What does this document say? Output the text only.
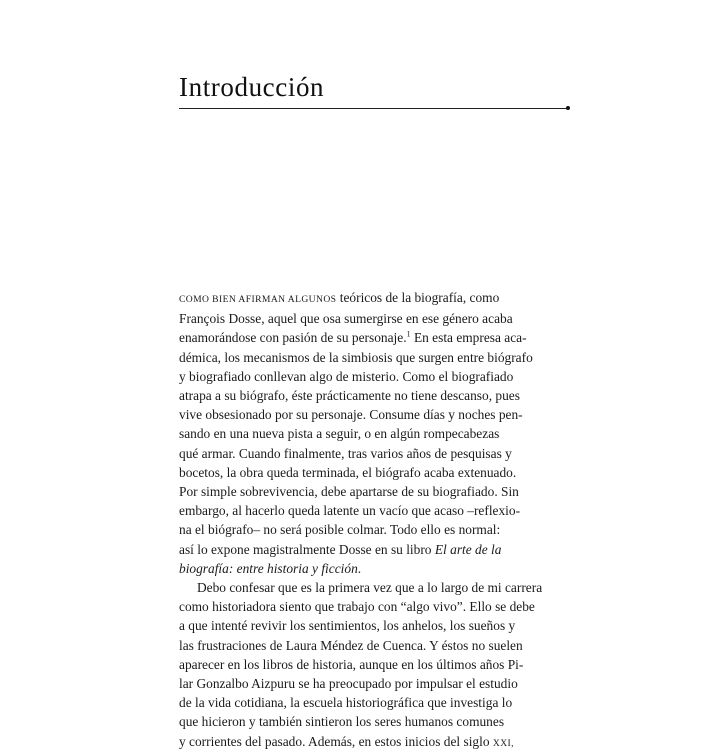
Introducción
COMO BIEN AFIRMAN ALGUNOS teóricos de la biografía, como
François Dosse, aquel que osa sumergirse en ese género acaba
enamorándose con pasión de su personaje.$^1$ En esta empresa aca-
démica, los mecanismos de la simbiosis que surgen entre biógrafo
y biografiado conllevan algo de misterio. Como el biografiado
atrapa a su biógrafo, éste prácticamente no tiene descanso, pues
vive obsesionado por su personaje. Consume días y noches pen-
sando en una nueva pista a seguir, o en algún rompecabezas
qué armar. Cuando finalmente, tras varios años de pesquisas y
bocetos, la obra queda terminada, el biógrafo acaba extenuado.
Por simple sobrevivencia, debe apartarse de su biografiado. Sin
embargo, al hacerlo queda latente un vacío que acaso –reflexio-
na el biógrafo– no será posible colmar. Todo ello es normal:
así lo expone magistralmente Dosse en su libro El arte de la
biografía: entre historia y ficción.
Debo confesar que es la primera vez que a lo largo de mi carrera
como historiadora siento que trabajo con “algo vivo”. Ello se debe
a que intenté revivir los sentimientos, los anhelos, los sueños y
las frustraciones de Laura Méndez de Cuenca. Y éstos no suelen
aparecer en los libros de historia, aunque en los últimos años Pi-
lar Gonzalbo Aizpuru se ha preocupado por impulsar el estudio
de la vida cotidiana, la escuela historiográfica que investiga lo
que hicieron y también sintieron los seres humanos comunes
y corrientes del pasado. Además, en estos inicios del siglo XXI,
